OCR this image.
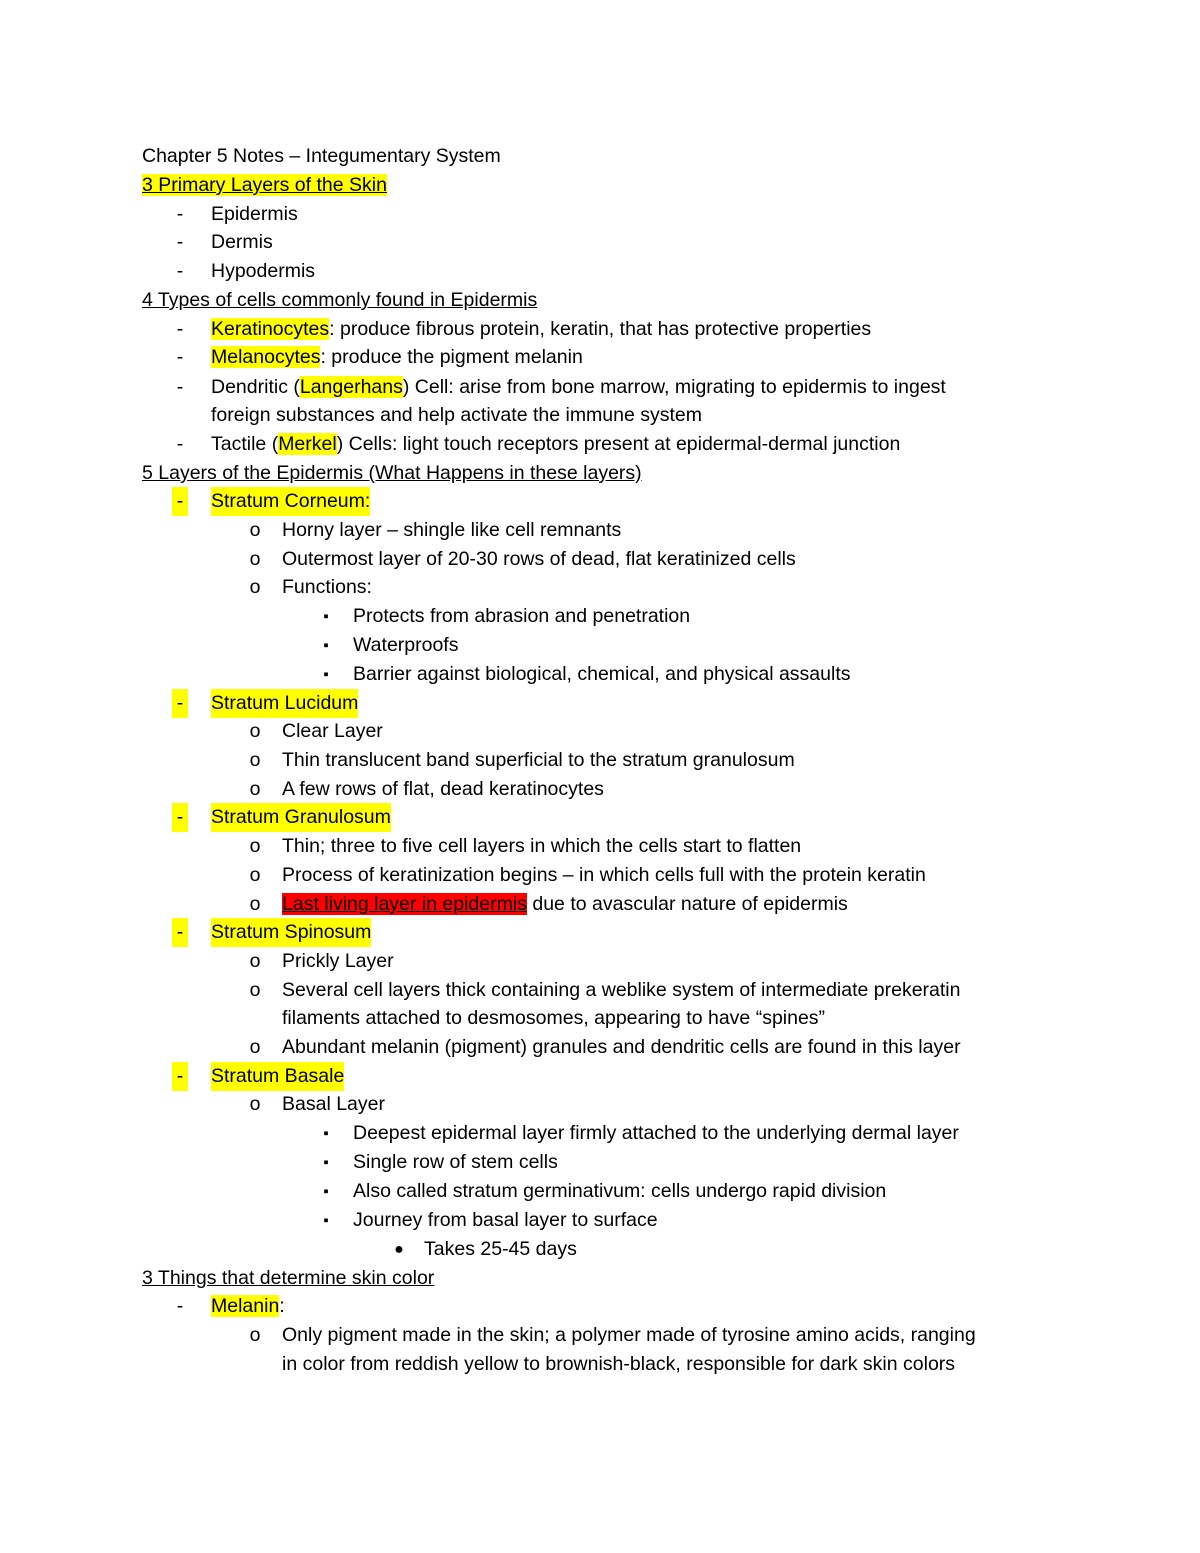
Chapter 5 Notes – Integumentary System
3 Primary Layers of the Skin
- Epidermis
- Dermis
- Hypodermis
4 Types of cells commonly found in Epidermis
- Keratinocytes: produce fibrous protein, keratin, that has protective properties
- Melanocytes: produce the pigment melanin
- Dendritic (Langerhans) Cell: arise from bone marrow, migrating to epidermis to ingest
foreign substances and help activate the immune system
- Tactile (Merkel) Cells: light touch receptors present at epidermal-dermal junction
5 Layers of the Epidermis (What Happens in these layers)
- Stratum Corneum:
o Horny layer – shingle like cell remnants
o Outermost layer of 20-30 rows of dead, flat keratinized cells
o Functions:
▪	Protects from abrasion and penetration
▪	Waterproofs
▪	Barrier against biological, chemical, and physical assaults
- Stratum Lucidum
o Clear Layer
o Thin translucent band superficial to the stratum granulosum
o A few rows of flat, dead keratinocytes
- Stratum Granulosum
o Thin; three to five cell layers in which the cells start to flatten
o Process of keratinization begins – in which cells full with the protein keratin
o Last living layer in epidermis due to avascular nature of epidermis
- Stratum Spinosum
o Prickly Layer
o Several cell layers thick containing a weblike system of intermediate prekeratin
filaments attached to desmosomes, appearing to have “spines”
o Abundant melanin (pigment) granules and dendritic cells are found in this layer
- Stratum Basale
o Basal Layer
▪	Deepest epidermal layer firmly attached to the underlying dermal layer
▪	Single row of stem cells
▪	Also called stratum germinativum: cells undergo rapid division
▪	Journey from basal layer to surface
● Takes 25-45 days
3 Things that determine skin color
- Melanin:
o Only pigment made in the skin; a polymer made of tyrosine amino acids, ranging
in color from reddish yellow to brownish-black, responsible for dark skin colors
